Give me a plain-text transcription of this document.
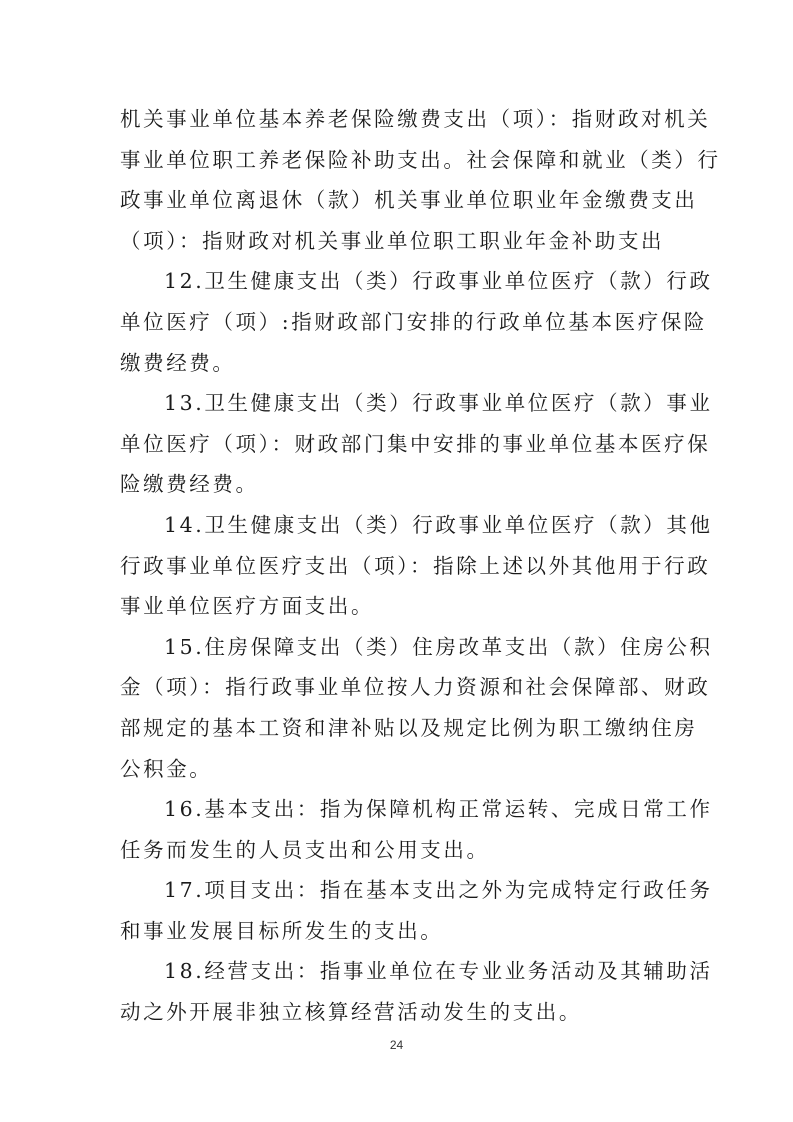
机关事业单位基本养老保险缴费支出（项）：指财政对机关
事业单位职工养老保险补助支出。社会保障和就业（类）行
政事业单位离退休（款）机关事业单位职业年金缴费支出
（项）：指财政对机关事业单位职工职业年金补助支出
12.卫生健康支出（类）行政事业单位医疗（款）行政
单位医疗（项）:指财政部门安排的行政单位基本医疗保险
缴费经费。
13.卫生健康支出（类）行政事业单位医疗（款）事业
单位医疗（项）：财政部门集中安排的事业单位基本医疗保
险缴费经费。
14.卫生健康支出（类）行政事业单位医疗（款）其他
行政事业单位医疗支出（项）：指除上述以外其他用于行政
事业单位医疗方面支出。
15.住房保障支出（类）住房改革支出（款）住房公积
金（项）：指行政事业单位按人力资源和社会保障部、财政
部规定的基本工资和津补贴以及规定比例为职工缴纳住房
公积金。
16.基本支出：指为保障机构正常运转、完成日常工作
任务而发生的人员支出和公用支出。
17.项目支出：指在基本支出之外为完成特定行政任务
和事业发展目标所发生的支出。
18.经营支出：指事业单位在专业业务活动及其辅助活
动之外开展非独立核算经营活动发生的支出。
24
